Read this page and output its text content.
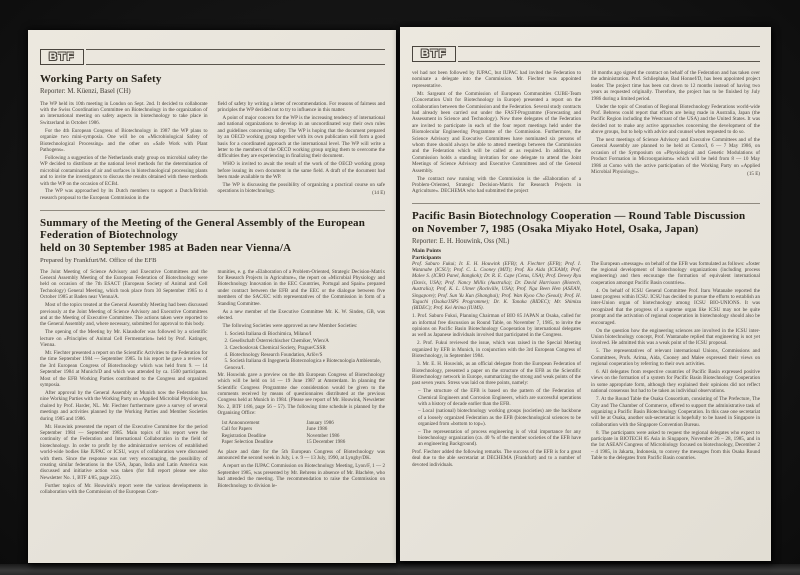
BTF
Working Party on Safety
Reporter: M. Küenzi, Basel (CH)

The WP held its 10th meeting in London on Sept. 2nd. It decided to collaborate with the Swiss Coordination Committee on Biotechnology in the organization of an international meeting on safety aspects in biotechnology to take place in Switzerland in October 1986.

For the 4th European Congress of Biotechnology in 1987 the WP plans to organize two mini-symposia. One will be on «Microbiological Safety of Biotechnological Processing» and the other on «Safe Work with Plant Pathogens».

Following a suggestion of the Netherlands study group on microbial safety the WP decided to distribute at the national level methods for the determination of microbial contamination of air and surfaces in biotechnological processing plants and to invite the investigators to discuss the results obtained with these methods with the WP on the occasion of ECB4.

The WP was approached by its Dutch members to support a Dutch/British research proposal to the European Commission in the

field of safety by writing a letter of recommendation. For reasons of fairness and principles the WP decided not to try to influence in this matter.

A point of major concern for the WP is the increasing tendency of international and national organizations to develop in an uncoordinated way their own rules and guidelines concerning safety. The WP is hoping that the document prepared by an OECD working group together with its own publication will form a good basis for a coordinated approach at the international level. The WP will write a letter to the members of the OECD working group urging them to overcome the difficulties they are experiencing in finalizing their document.

WHO is invited to await the result of the work of the OECD working group before issuing its own document in the same field. A draft of the document had been made available to the WP.

The WP is discussing the possibility of organizing a practical course on safe operations in biotechnology.	(14 E)
Summary of the Meeting of the General Assembly of the European Federation of Biotechnology
held on 30 September 1985 at Baden near Vienna/A
Prepared by Frankfurt/M. Office of the EFB

The Joint Meeting of Science Advisory and Executive Committees and the General Assembly Meeting of the European Federation of Biotechnology were held on occasion of the 7th ESACT (European Society of Animal and Cell Technology) General Meeting, which took place from 30 September 1985 to 4 October 1985 at Baden near Vienna/A.

Most of the topics treated at the General Assembly Meeting had been discussed previously at the Joint Meeting of Science Advisory and Executive Committees and at the Meeting of Executive Committee. The actions taken were reported to the General Assembly and, where necessary, submitted for approval to this body.

The opening of the Meeting by Mr. Klaushofer was followed by a scientific lecture on «Principles of Animal Cell Fermentation» held by Prof. Katinger, Vienna.

Mr. Fiechter presented a report on the Scientific Activities to the Federation for the time September 1984 — September 1985. In his report he gave a review of the 3rd European Congress of Biotechnology which was held from 9. — 14 September 1984 at Munich/D and which was attended by ca. 1500 participants. Most of the EFB Working Parties contributed to the Congress and organized symposia.

After approval by the General Assembly at Munich now the Federation has nine Working Parties with the Working Party on «Applied Microbial Physiology», chaired by Prof. Harder, NL. Mr. Fiechter furthermore gave a survey of several meetings and activities planned by the Working Parties and Member Societies during 1985 and 1986.

Mr. Houwink presented the report of the Executive Committee for the period September 1984 — September 1985. Main topics of his report were the continuity of the Federation and International Collaboration in the field of biotechnology. In order to profit by the administrative services of established world-wide bodies like IUPAC or ICSU, ways of collaboration were discussed with them. Since the response was not very encouraging, the possibility of creating similar federations in the USA, Japan, India and Latin America was discussed and initiative action was taken (for full report please see also Newsletter No. 1, BTF 4/85, page 235).

Further topics of Mr. Houwink's report were the various developments in collaboration with the Commission of the European Com-

munities, e. g. the «Elaboration of a Problem-Oriented, Strategic Decision-Matrix for Research Projects in Agriculture», the report on «Microbial Physiology and Biotechnology Innovation in the EEC Countries, Portugal and Spain» prepared under contract between the EFB and the EEC or the dialogue between five members of the SAC/EC with representatives of the Commission in form of a Standing Committee.

As a new member of the Executive Committee Mr. K. W. Sinden, GB, was elected.

The following Societies were approved as new Member Societies:

1. Società Italiana di Biochimica, Milano/I

2. Gesellschaft Österreichischer Chemiker, Wien/A

3. Czechoslovak Chemical Society, Prague/CSSR

4. Biotechnology Research Foundation, Arlöv/S

5. Società Italiana di Ingegneria Biotecnologica e Biotecnologia Ambientale, Genova/I.

Mr. Houwink gave a preview on the 4th European Congress of Biotechnology which will be held on 14 — 19 June 1987 at Amsterdam. In planning the Scientific Congress Programme due consideration would be given to the comments received by means of questionnaires distributed at the previous Congress held at Munich in 1984. (Please see report of Mr. Houwink, Newsletter No. 2, BTF 1/86, page 56 – 57). The following time schedule is planned by the Organising Office:

1st Announcement	January 1986
Call for Papers	June 1986
Registration Deadline	November 1986
Paper Selection Deadline	15 December 1986

As place and date for the 5th European Congress of Biotechnology was announced the second week in July, i. e. 9 — 13 July, 1990, at Lyngby/DK.

A report on the IUPAC Commission on Biotechnology Meeting, Lyon/F, 1 — 2 September 1985, was presented by Mr. Behrens in absence of Mr. Blachère, who had attended the meeting. The recommendation to raise the Commission on Biotechnology to division le-

BTF

vel had not been followed by IUPAC, but IUPAC had invited the Federation to nominate a delegate into the Commission. Mr. Fiechter was appointed representative.

Mr. Sargeant of the Commission of European Communities CUBE-Team (Concertation Unit for Biotechnology in Europe) presented a report on the collaboration between the Commission and the Federation. Several study contracts had already been carried out under the FAST-Programme (Forecasting and Assessment in Science and Technology). Now three delegates of the Federation are invited to participate in each of the four report meetings held under the Biomolecular Engineering Programme of the Commission. Furthermore, the Science Advisory and Executive Committees have nominated six persons of whom three should always be able to attend meetings between the Commission and the Federation which will be called at as required. In addition, the Commission holds a standing invitation for one delegate to attend the Joint Meetings of Science Advisory and Executive Committees and of the General Assembly.

The contract now running with the Commission is the «Elaboration of a Problem-Oriented, Strategic Decision-Matrix for Research Projects in Agriculture». DECHEMA who had submitted the project

18 months ago signed the contract on behalf of the Federation and has taken over the administration. Prof. Schliephake, Bad Honnef/D, has been appointed project leader. The project time has been cut down to 12 months instead of having two years as requested originally. Therefore, the project has to be finished by July 1986 during a limited period.

Under the topic of Creation of Regional Biotechnology Federations world-wide Prof. Behrens could report that efforts are being made in Australia, Japan (the Pacific Region including the Westcoast of the USA) and the United States. It was decided not to make any active approaches concerning the development of the above groups, but to help with advice and counsel when requested to do so.

The next meetings of Science Advisory and Executive Committees and of the General Assembly are planned to be held at Como/I, 6 — 7 May 1986, on occasion of the Symposium on «Physiological and Genetic Modulations of Product Formation in Microorganisms» which will be held from 8 — 10 May 1986 at Como with the active participation of the Working Party on «Applied Microbial Physiology».	(15 E)
Pacific Basin Biotechnology Cooperation — Round Table Discussion on November 7, 1985 (Osaka Miyako Hotel, Osaka, Japan)
Reporter: E. H. Houwink, Oss (NL)
Main Points
Participants

Prof. Saburo Fukui; Ir. E. H. Houwink (EFB); A. Fiechter (EFB); Prof. I. Watanabe (ICSU); Prof. C. L. Cooney (MIT); Prof. Ko Aida (ICEAM); Prof. Malee S. (ICRO Panel, Bangkok); Dr. R. E. Cape (Cetus, USA); Prof. Dewey Ryu (Davis, USA); Prof. Nancy Millis (Australia); Dr. David Harrisson (Biotech, Australia); Prof. K. L. Ulmer (Rockville, USA); Prof. Nga Been Hen (ASEAN, Singapore); Prof. Sun Yu Kun (Shanghai); Prof. Wan Kyoo Cho (Seoul); Prof. H. Taguchi (Osaka/JSPS Programme); Dr. K. Tanaka (BIDEC); Mr. Shimizu (BIDEC); Prof. Kei Arima (IUMS).

1. Prof. Saburo Fukui, Planning Chairman of BIO 85 JAPAN at Osaka, called for an informal free discussion as Round Table, on November 7, 1985, to invite the opinions on Pacific Basin Biotechnology Cooperation by international delegates as well as Japanese individuals involved that participated in the Congress.

2. Prof. Fukui reviewed the issue, which was raised in the Special Meeting organized by EFB in Munich, in conjunction with the 3rd European Congress of Biotechnology, in September 1984.

3. Mr. E. H. Houwink, as an official delegate from the European Federation of Biotechnology, presented a paper on the structure of the EFB as the Scientific Biotechnology network in Europe, summarizing the strong and weak points of the past seven years. Stress was laid on three points, namely:

– The structure of the EFB is based on the pattern of the Federation of Chemical Engineers and Corrosion Engineers, which are successful operations with a history of decade earlier than the EFB.

– Local (national) biotechnology working groups (societies) are the backbone of a loosely organized Federation as the EFB (biotechnological sciences to be organized from «bottom to top»).

– The representation of process engineering is of vital importance for any biotechnology organization (ca. 40 % of the member societies of the EFB have an engineering Background).

Prof. Fiechter added the following remarks. The success of the EFB is for a great deal due to the able secretariat at DECHEMA (Frankfurt) and to a number of devoted individuals.

The European «message» on behalf of the EFB was formulated as follows: «foster the regional development of biotechnology organizations (including process engineering) and then encourage the formation of equivalent international cooperation amongst Pacific Basin countries».

4. On behalf of ICSU General Committee Prof. Itaru Watanabe reported the latest progress within ICSU. ICSU has decided to pursue the efforts to establish an inter-Union organ of biotechnology among ICSU BIO-UNIONS. It was recognized that the progress of a supreme organ like ICSU may not be quite prompt and the activation of regional cooperation in biotechnology should also be encouraged.

On the question how the engineering sciences are involved in the ICSU inter-Union biotechnology concept, Prof. Wantanabe replied that engineering is not yet involved. He admitted this was a weak point of the ICSU proposal.

5. The representatives of relevant international Unions, Commissions and Committees, Profs. Arima, Aida, Cooney and Malee expressed their views on regional cooperation by referring to their own activities.

6. All delegates from respective countries of Pacific Basin expressed positive views on the formation of a system for Pacific Basin Biotechnology Cooperation in some appropriate form, although they explained their opinions did not reflect national consensus but had to be taken as individual observations.

7. At the Round Table the Osaka Consortium, consisting of The Prefecture, The City and The Chamber of Commerce, offered to support the administrative task of organizing a Pacific Basin Biotechnology Cooperation. In this case one secretariat will be at Osaka, another sub-secretariat is hopefully to be based in Singapore in collaboration with the Singapore Convention Bureau.

8. The participants were asked to request the regional delegates who expect to participate in BIOTECH 85 Asia in Singapore, November 26 – 28, 1985, and in the 1st ASEAN Congress of Microbiology focused on biotechnology, December 2 – 4 1985, in Jakarta, Indonesia, to convey the messages from this Osaka Round Table to the delegates from Pacific Basin countries.
